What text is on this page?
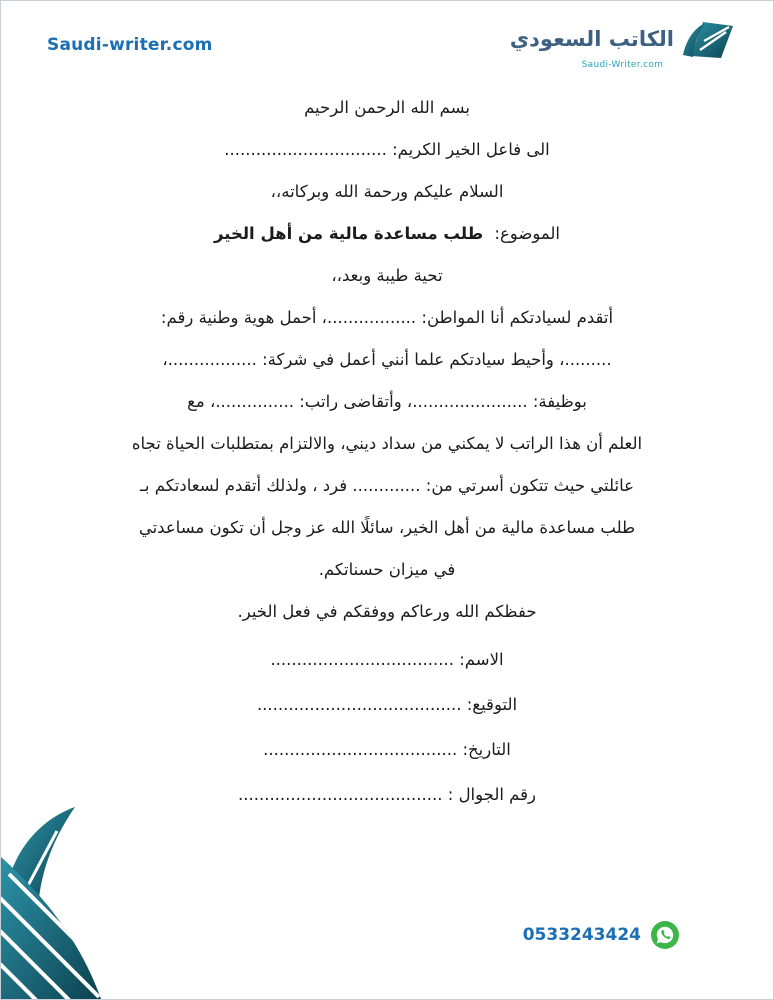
Saudi-writer.com	الكاتب السعودي
Saudi-Writer.com
بسم الله الرحمن الرحيم
الى فاعل الخير الكريم: ...............................
السلام عليكم ورحمة الله وبركاته،،
الموضوع: طلب مساعدة مالية من أهل الخير
تحية طيبة وبعد،،
أتقدم لسيادتكم أنا المواطن: .................، أحمل هوية وطنية رقم:
.........، وأحيط سيادتكم علما أنني أعمل في شركة: .................،
بوظيفة: ......................، وأتقاضى راتب: ...............، مع
العلم أن هذا الراتب لا يمكني من سداد ديني، والالتزام بمتطلبات الحياة تجاه
عائلتي حيث تتكون أسرتي من: ............. فرد ، ولذلك أتقدم لسعادتكم بـ
طلب مساعدة مالية من أهل الخير، سائلًا الله عز وجل أن تكون مساعدتي
في ميزان حسناتكم.
حفظكم الله ورعاكم ووفقكم في فعل الخير.
الاسم: ...................................
التوقيع: .......................................
التاريخ: .....................................
رقم الجوال : .......................................
0533243424
